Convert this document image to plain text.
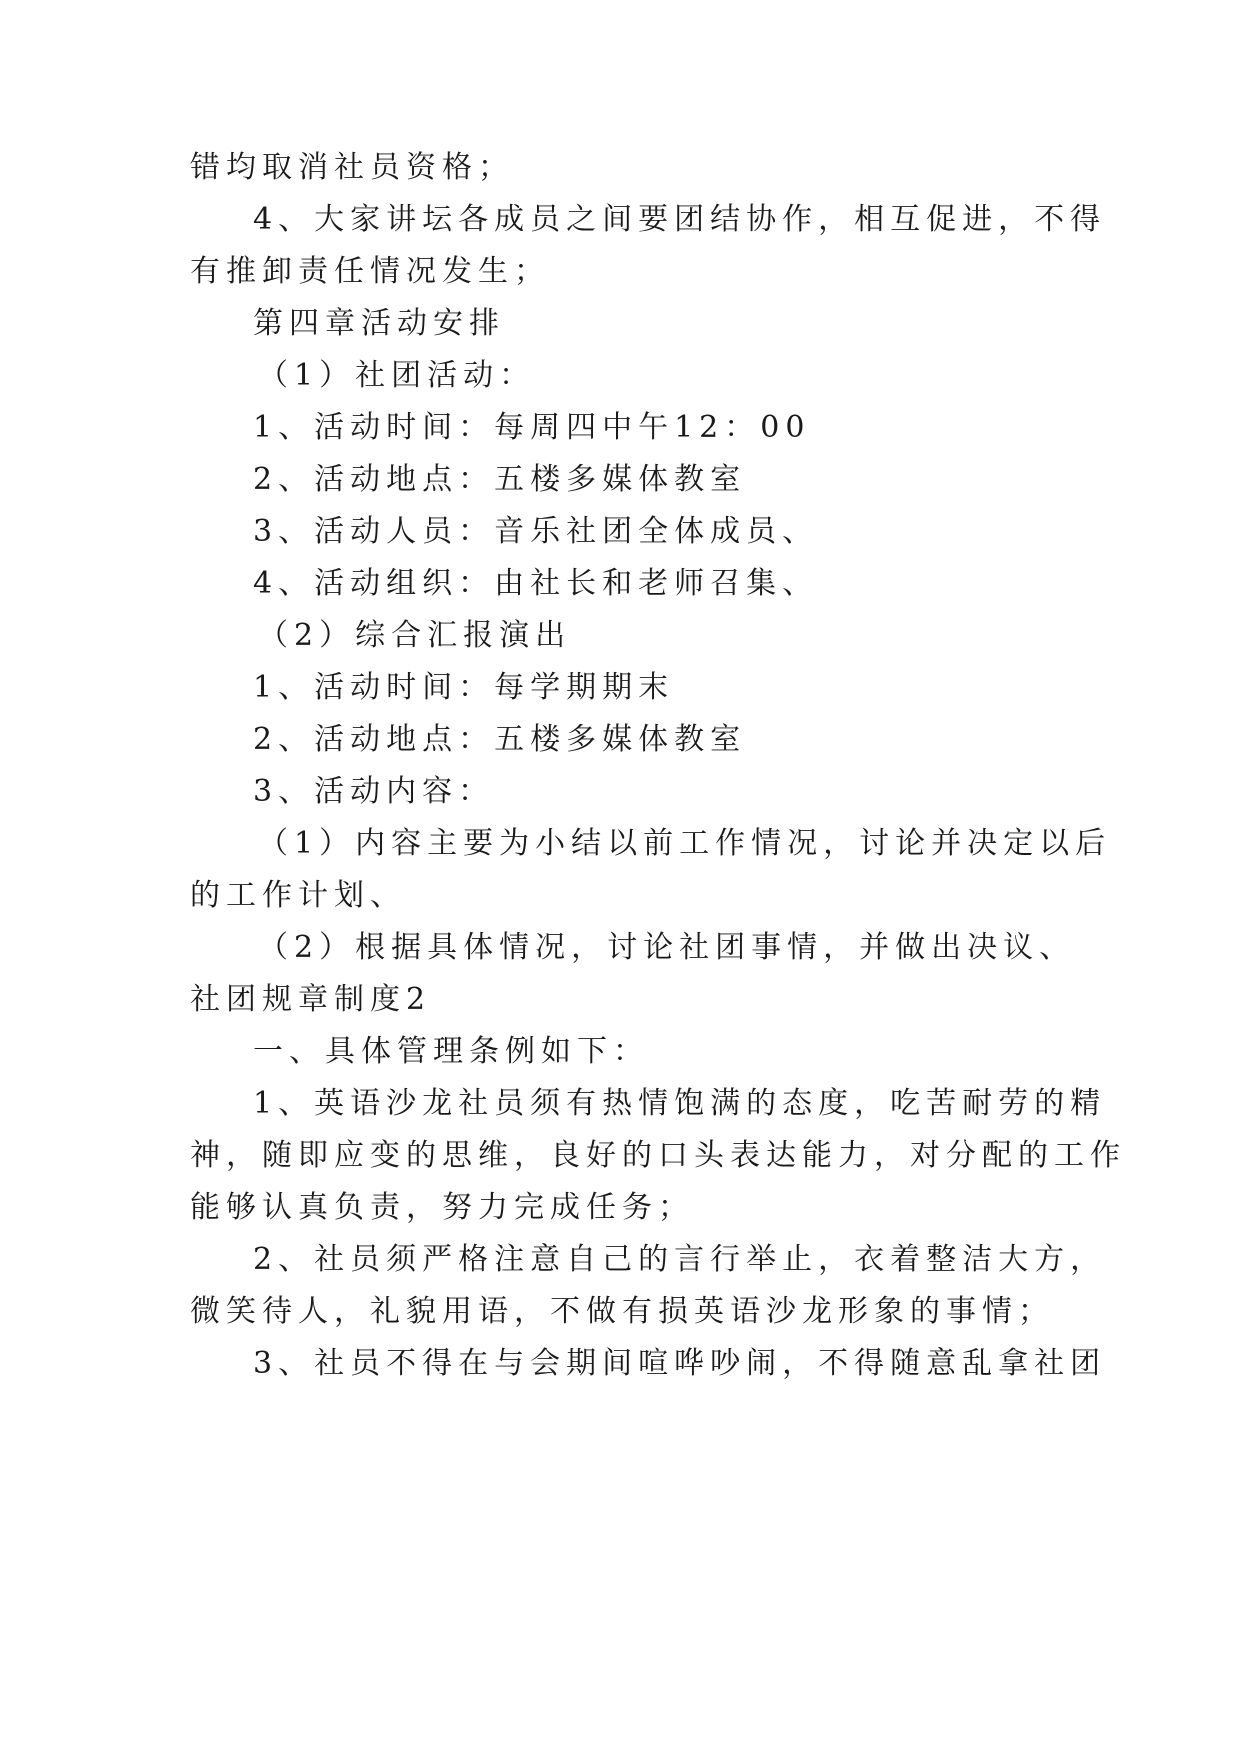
错均取消社员资格；
4、大家讲坛各成员之间要团结协作，相互促进，不得
有推卸责任情况发生；
第四章活动安排
（1）社团活动：
1、活动时间：每周四中午12：00
2、活动地点：五楼多媒体教室
3、活动人员：音乐社团全体成员、
4、活动组织：由社长和老师召集、
（2）综合汇报演出
1、活动时间：每学期期末
2、活动地点：五楼多媒体教室
3、活动内容：
（1）内容主要为小结以前工作情况，讨论并决定以后
的工作计划、
（2）根据具体情况，讨论社团事情，并做出决议、
社团规章制度2
一、具体管理条例如下：
1、英语沙龙社员须有热情饱满的态度，吃苦耐劳的精
神，随即应变的思维，良好的口头表达能力，对分配的工作
能够认真负责，努力完成任务；
2、社员须严格注意自己的言行举止，衣着整洁大方，
微笑待人，礼貌用语，不做有损英语沙龙形象的事情；
3、社员不得在与会期间喧哗吵闹，不得随意乱拿社团
